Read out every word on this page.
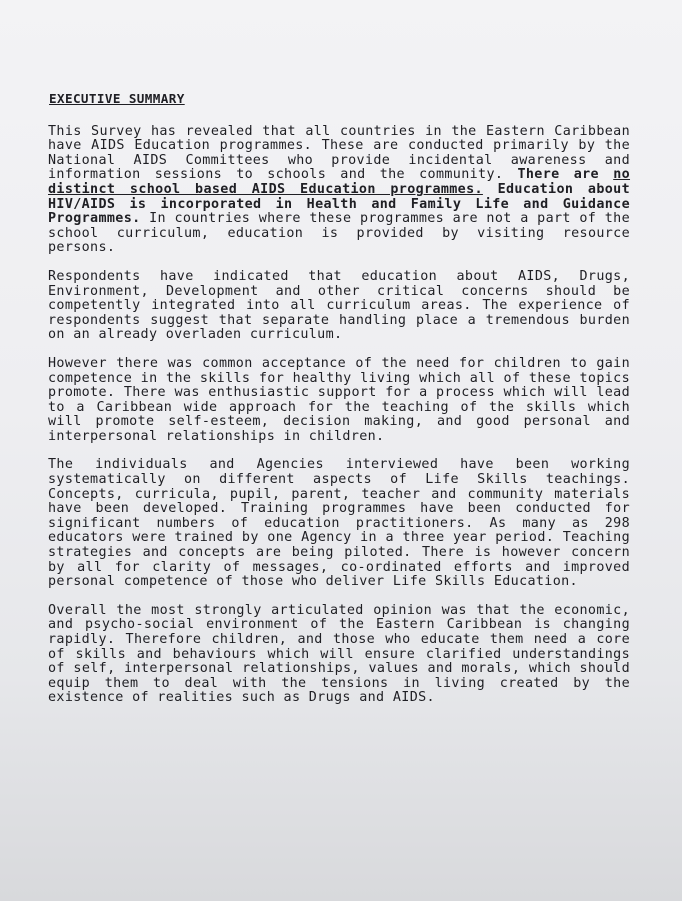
EXECUTIVE SUMMARY

This Survey has revealed that all countries in the Eastern Caribbean have AIDS Education programmes. These are conducted primarily by the National AIDS Committees who provide incidental awareness and information sessions to schools and the community. There are no distinct school based AIDS Education programmes. Education about HIV/AIDS is incorporated in Health and Family Life and Guidance Programmes. In countries where these programmes are not a part of the school curriculum, education is provided by visiting resource persons.

Respondents have indicated that education about AIDS, Drugs, Environment, Development and other critical concerns should be competently integrated into all curriculum areas. The experience of respondents suggest that separate handling place a tremendous burden on an already overladen curriculum.

However there was common acceptance of the need for children to gain competence in the skills for healthy living which all of these topics promote. There was enthusiastic support for a process which will lead to a Caribbean wide approach for the teaching of the skills which will promote self-esteem, decision making, and good personal and interpersonal relationships in children.

The individuals and Agencies interviewed have been working systematically on different aspects of Life Skills teachings. Concepts, curricula, pupil, parent, teacher and community materials have been developed. Training programmes have been conducted for significant numbers of education practitioners. As many as 298 educators were trained by one Agency in a three year period. Teaching strategies and concepts are being piloted. There is however concern by all for clarity of messages, co-ordinated efforts and improved personal competence of those who deliver Life Skills Education.

Overall the most strongly articulated opinion was that the economic, and psycho-social environment of the Eastern Caribbean is changing rapidly. Therefore children, and those who educate them need a core of skills and behaviours which will ensure clarified understandings of self, interpersonal relationships, values and morals, which should equip them to deal with the tensions in living created by the existence of realities such as Drugs and AIDS.
